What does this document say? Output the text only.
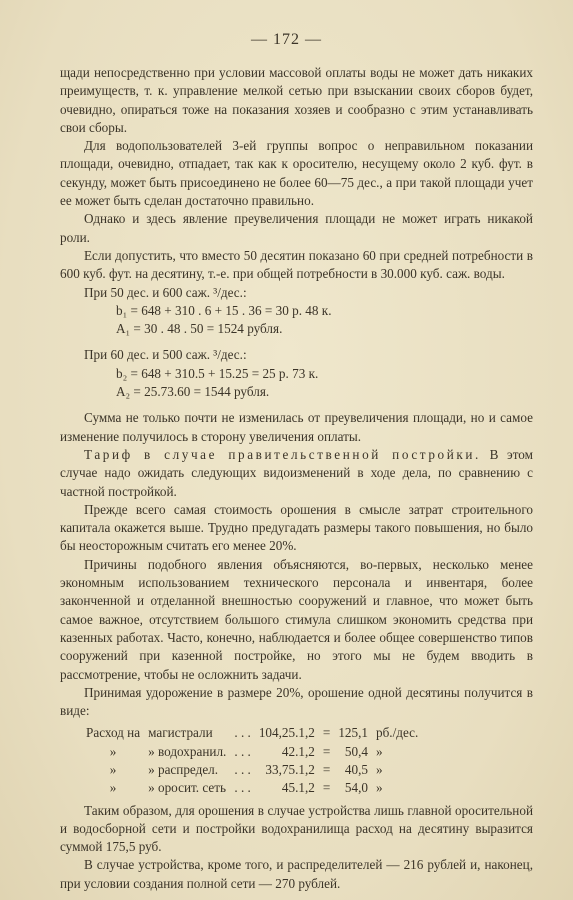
— 172 —

щади непосредственно при условии массовой оплаты воды не может дать никаких преимуществ, т. к. управление мелкой сетью при взыскании своих сборов будет, очевидно, опираться тоже на показания хозяев и сообразно с этим устанавливать свои сборы.

Для водопользователей 3-ей группы вопрос о неправильном показании площади, очевидно, отпадает, так как к оросителю, несущему около 2 куб. фут. в секунду, может быть присоединено не более 60—75 дес., а при такой площади учет ее может быть сделан достаточно правильно.

Однако и здесь явление преувеличения площади не может играть никакой роли.

Если допустить, что вместо 50 десятин показано 60 при средней потребности в 600 куб. фут. на десятину, т.-е. при общей потребности в 30.000 куб. саж. воды.

При 50 дес. и 600 саж. ³/дес.:

b₁ = 648 + 310 . 6 + 15 . 36 = 30 р. 48 к.

A₁ = 30 . 48 . 50 = 1524 рубля.

При 60 дес. и 500 саж. ³/дес.:

b₂ = 648 + 310.5 + 15.25 = 25 р. 73 к.

A₂ = 25.73.60 = 1544 рубля.

Сумма не только почти не изменилась от преувеличения площади, но и самое изменение получилось в сторону увеличения оплаты.

Тариф в случае правительственной постройки. В этом случае надо ожидать следующих видоизменений в ходе дела, по сравнению с частной постройкой.

Прежде всего самая стоимость орошения в смысле затрат строительного капитала окажется выше. Трудно предугадать размеры такого повышения, но было бы неосторожным считать его менее 20%.

Причины подобного явления объясняются, во-первых, несколько менее экономным использованием технического персонала и инвентаря, более законченной и отделанной внешностью сооружений и главное, что может быть самое важное, отсутствием большого стимула слишком экономить средства при казенных работах. Часто, конечно, наблюдается и более общее совершенство типов сооружений при казенной постройке, но этого мы не будем вводить в рассмотрение, чтобы не осложнить задачи.

Принимая удорожение в размере 20%, орошение одной десятины получится в виде:

Расход на	магистрали	. . .	104,25.1,2	=	125,1	рб./дес.
»	» водохранил.	. . .	42.1,2	=	50,4	»
»	» распредел.	. . .	33,75.1,2	=	40,5	»
»	» оросит. сеть	. . .	45.1,2	=	54,0	»

Таким образом, для орошения в случае устройства лишь главной оросительной и водосборной сети и постройки водохранилища расход на десятину выразится суммой 175,5 руб.

В случае устройства, кроме того, и распределителей — 216 рублей и, наконец, при условии создания полной сети — 270 рублей.
